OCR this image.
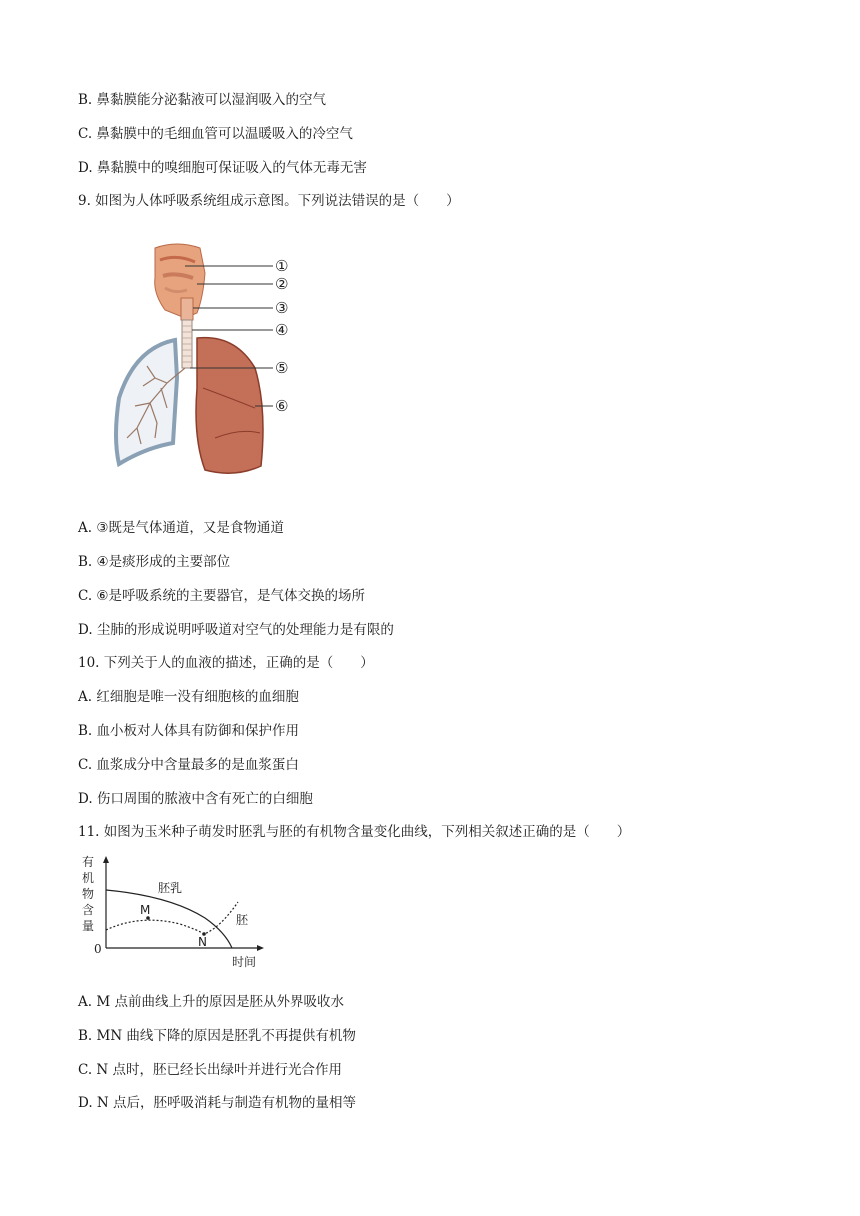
B. 鼻黏膜能分泌黏液可以湿润吸入的空气
C. 鼻黏膜中的毛细血管可以温暖吸入的冷空气
D. 鼻黏膜中的嗅细胞可保证吸入的气体无毒无害
9. 如图为人体呼吸系统组成示意图。下列说法错误的是（　　）
①
②
③
④
⑤
⑥
A. ③既是气体通道，又是食物通道
B. ④是痰形成的主要部位
C. ⑥是呼吸系统的主要器官，是气体交换的场所
D. 尘肺的形成说明呼吸道对空气的处理能力是有限的
10. 下列关于人的血液的描述，正确的是（　　）
A. 红细胞是唯一没有细胞核的血细胞
B. 血小板对人体具有防御和保护作用
C. 血浆成分中含量最多的是血浆蛋白
D. 伤口周围的脓液中含有死亡的白细胞
11. 如图为玉米种子萌发时胚乳与胚的有机物含量变化曲线，下列相关叙述正确的是（　　）
有
机
物
含
量
0
时间
M
N
胚乳
胚
A. M 点前曲线上升的原因是胚从外界吸收水
B. MN 曲线下降的原因是胚乳不再提供有机物
C. N 点时，胚已经长出绿叶并进行光合作用
D. N 点后，胚呼吸消耗与制造有机物的量相等
